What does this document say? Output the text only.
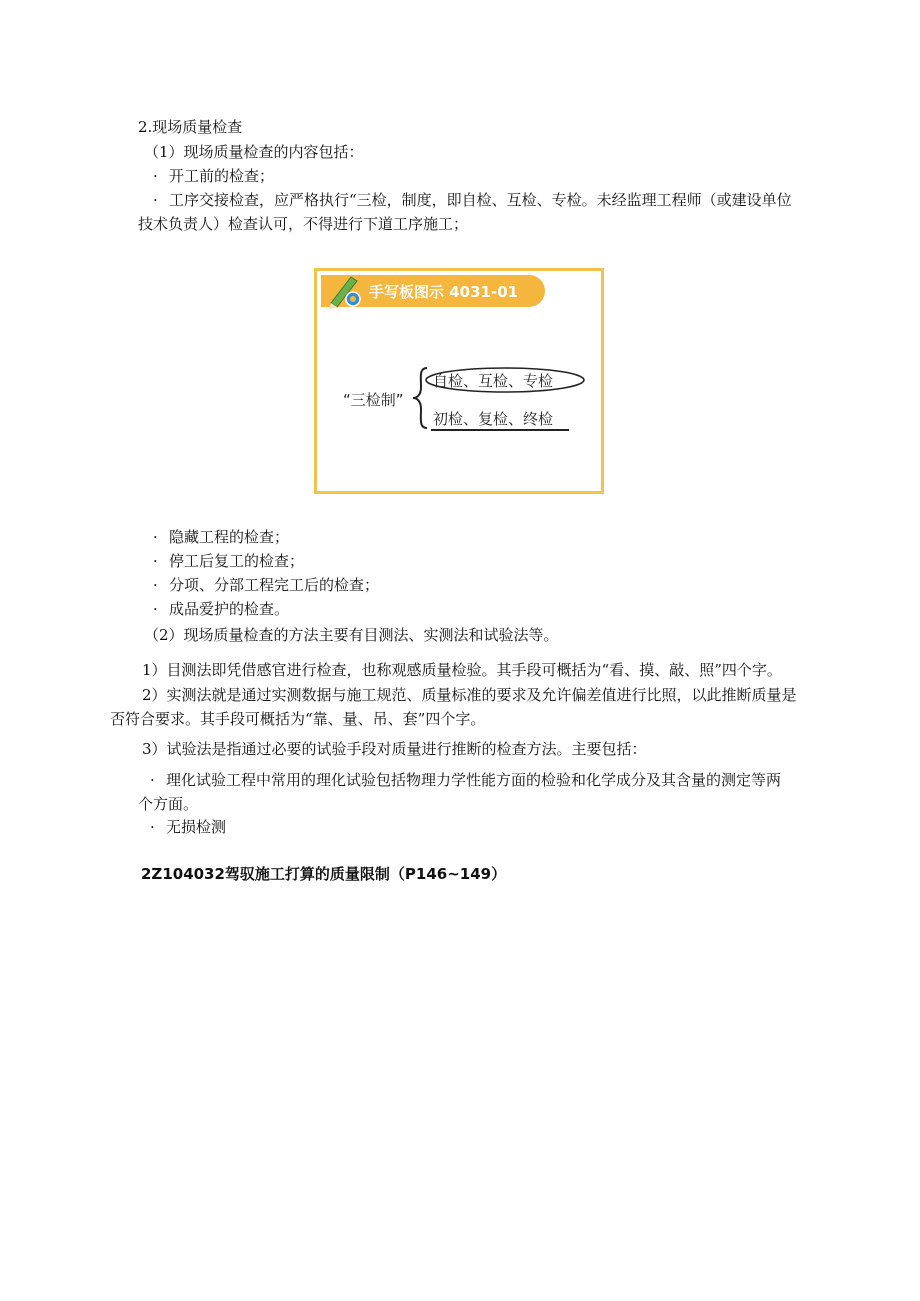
2.现场质量检查
（1）现场质量检查的内容包括：
· 开工前的检查；
· 工序交接检查，应严格执行“三检，制度，即自检、互检、专检。未经监理工程师（或建设单位
技术负责人）检查认可，不得进行下道工序施工；
手写板图示 4031-01
“三检制”
自检、互检、专检
初检、复检、终检
· 隐藏工程的检查；
· 停工后复工的检查；
· 分项、分部工程完工后的检查；
· 成品爱护的检查。
（2）现场质量检查的方法主要有目测法、实测法和试验法等。
1）目测法即凭借感官进行检查，也称观感质量检验。其手段可概括为“看、摸、敲、照”四个字。
2）实测法就是通过实测数据与施工规范、质量标准的要求及允许偏差值进行比照，以此推断质量是
否符合要求。其手段可概括为“靠、量、吊、套”四个字。
3）试验法是指通过必要的试验手段对质量进行推断的检查方法。主要包括：
· 理化试验工程中常用的理化试验包括物理力学性能方面的检验和化学成分及其含量的测定等两
个方面。
· 无损检测
2Z104032驾驭施工打算的质量限制（P146~149）
